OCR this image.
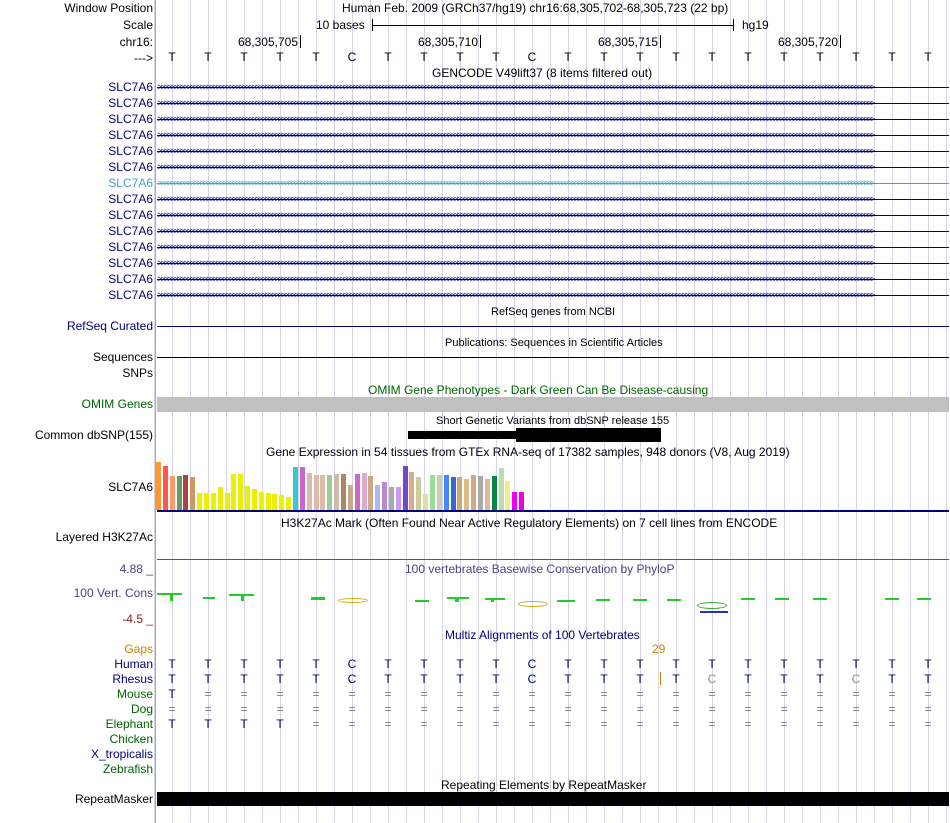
Window Position	Human Feb. 2009 (GRCh37/hg19) chr16:68,305,702-68,305,723 (22 bp)
Scale	10 bases	hg19
chr16:	68,305,705	68,305,710	68,305,715	68,305,720
--->	T	T	T	T	T	C	T	T	T	T	C	T	T	T	T	T	T	T	T	T	T	T
GENCODE V49lift37 (8 items filtered out)
SLC7A6 >>>>>>>>>>>>>>>>>>>>>>>>>>>>>>>>>>>>>>>>>>>>>>>>>>>>>>>>>>>>>>>>>>>>>>>>>>>>>>>>>>>>>>>>>>>>>>>>>>>>>>>>>>>>>>>>>>>>>>>>>>>>>>>>>>>>>>>>>>>>>>>>>>>>>>>>>>>>>>>>>>>>>>>>>>>>>>>>>>>>>>>>>>>>>>>>>>>>>>>>>>>>>>>>>>>>>>>>>>>>
SLC7A6 >>>>>>>>>>>>>>>>>>>>>>>>>>>>>>>>>>>>>>>>>>>>>>>>>>>>>>>>>>>>>>>>>>>>>>>>>>>>>>>>>>>>>>>>>>>>>>>>>>>>>>>>>>>>>>>>>>>>>>>>>>>>>>>>>>>>>>>>>>>>>>>>>>>>>>>>>>>>>>>>>>>>>>>>>>>>>>>>>>>>>>>>>>>>>>>>>>>>>>>>>>>>>>>>>>>>>>>>>>>>
SLC7A6 >>>>>>>>>>>>>>>>>>>>>>>>>>>>>>>>>>>>>>>>>>>>>>>>>>>>>>>>>>>>>>>>>>>>>>>>>>>>>>>>>>>>>>>>>>>>>>>>>>>>>>>>>>>>>>>>>>>>>>>>>>>>>>>>>>>>>>>>>>>>>>>>>>>>>>>>>>>>>>>>>>>>>>>>>>>>>>>>>>>>>>>>>>>>>>>>>>>>>>>>>>>>>>>>>>>>>>>>>>>>
SLC7A6 >>>>>>>>>>>>>>>>>>>>>>>>>>>>>>>>>>>>>>>>>>>>>>>>>>>>>>>>>>>>>>>>>>>>>>>>>>>>>>>>>>>>>>>>>>>>>>>>>>>>>>>>>>>>>>>>>>>>>>>>>>>>>>>>>>>>>>>>>>>>>>>>>>>>>>>>>>>>>>>>>>>>>>>>>>>>>>>>>>>>>>>>>>>>>>>>>>>>>>>>>>>>>>>>>>>>>>>>>>>>
SLC7A6 >>>>>>>>>>>>>>>>>>>>>>>>>>>>>>>>>>>>>>>>>>>>>>>>>>>>>>>>>>>>>>>>>>>>>>>>>>>>>>>>>>>>>>>>>>>>>>>>>>>>>>>>>>>>>>>>>>>>>>>>>>>>>>>>>>>>>>>>>>>>>>>>>>>>>>>>>>>>>>>>>>>>>>>>>>>>>>>>>>>>>>>>>>>>>>>>>>>>>>>>>>>>>>>>>>>>>>>>>>>>
SLC7A6 >>>>>>>>>>>>>>>>>>>>>>>>>>>>>>>>>>>>>>>>>>>>>>>>>>>>>>>>>>>>>>>>>>>>>>>>>>>>>>>>>>>>>>>>>>>>>>>>>>>>>>>>>>>>>>>>>>>>>>>>>>>>>>>>>>>>>>>>>>>>>>>>>>>>>>>>>>>>>>>>>>>>>>>>>>>>>>>>>>>>>>>>>>>>>>>>>>>>>>>>>>>>>>>>>>>>>>>>>>>>
SLC7A6 >>>>>>>>>>>>>>>>>>>>>>>>>>>>>>>>>>>>>>>>>>>>>>>>>>>>>>>>>>>>>>>>>>>>>>>>>>>>>>>>>>>>>>>>>>>>>>>>>>>>>>>>>>>>>>>>>>>>>>>>>>>>>>>>>>>>>>>>>>>>>>>>>>>>>>>>>>>>>>>>>>>>>>>>>>>>>>>>>>>>>>>>>>>>>>>>>>>>>>>>>>>>>>>>>>>>>>>>>>>>
SLC7A6 >>>>>>>>>>>>>>>>>>>>>>>>>>>>>>>>>>>>>>>>>>>>>>>>>>>>>>>>>>>>>>>>>>>>>>>>>>>>>>>>>>>>>>>>>>>>>>>>>>>>>>>>>>>>>>>>>>>>>>>>>>>>>>>>>>>>>>>>>>>>>>>>>>>>>>>>>>>>>>>>>>>>>>>>>>>>>>>>>>>>>>>>>>>>>>>>>>>>>>>>>>>>>>>>>>>>>>>>>>>>
SLC7A6 >>>>>>>>>>>>>>>>>>>>>>>>>>>>>>>>>>>>>>>>>>>>>>>>>>>>>>>>>>>>>>>>>>>>>>>>>>>>>>>>>>>>>>>>>>>>>>>>>>>>>>>>>>>>>>>>>>>>>>>>>>>>>>>>>>>>>>>>>>>>>>>>>>>>>>>>>>>>>>>>>>>>>>>>>>>>>>>>>>>>>>>>>>>>>>>>>>>>>>>>>>>>>>>>>>>>>>>>>>>>
SLC7A6 >>>>>>>>>>>>>>>>>>>>>>>>>>>>>>>>>>>>>>>>>>>>>>>>>>>>>>>>>>>>>>>>>>>>>>>>>>>>>>>>>>>>>>>>>>>>>>>>>>>>>>>>>>>>>>>>>>>>>>>>>>>>>>>>>>>>>>>>>>>>>>>>>>>>>>>>>>>>>>>>>>>>>>>>>>>>>>>>>>>>>>>>>>>>>>>>>>>>>>>>>>>>>>>>>>>>>>>>>>>>
SLC7A6 >>>>>>>>>>>>>>>>>>>>>>>>>>>>>>>>>>>>>>>>>>>>>>>>>>>>>>>>>>>>>>>>>>>>>>>>>>>>>>>>>>>>>>>>>>>>>>>>>>>>>>>>>>>>>>>>>>>>>>>>>>>>>>>>>>>>>>>>>>>>>>>>>>>>>>>>>>>>>>>>>>>>>>>>>>>>>>>>>>>>>>>>>>>>>>>>>>>>>>>>>>>>>>>>>>>>>>>>>>>>
SLC7A6 >>>>>>>>>>>>>>>>>>>>>>>>>>>>>>>>>>>>>>>>>>>>>>>>>>>>>>>>>>>>>>>>>>>>>>>>>>>>>>>>>>>>>>>>>>>>>>>>>>>>>>>>>>>>>>>>>>>>>>>>>>>>>>>>>>>>>>>>>>>>>>>>>>>>>>>>>>>>>>>>>>>>>>>>>>>>>>>>>>>>>>>>>>>>>>>>>>>>>>>>>>>>>>>>>>>>>>>>>>>>
SLC7A6 >>>>>>>>>>>>>>>>>>>>>>>>>>>>>>>>>>>>>>>>>>>>>>>>>>>>>>>>>>>>>>>>>>>>>>>>>>>>>>>>>>>>>>>>>>>>>>>>>>>>>>>>>>>>>>>>>>>>>>>>>>>>>>>>>>>>>>>>>>>>>>>>>>>>>>>>>>>>>>>>>>>>>>>>>>>>>>>>>>>>>>>>>>>>>>>>>>>>>>>>>>>>>>>>>>>>>>>>>>>>
SLC7A6 >>>>>>>>>>>>>>>>>>>>>>>>>>>>>>>>>>>>>>>>>>>>>>>>>>>>>>>>>>>>>>>>>>>>>>>>>>>>>>>>>>>>>>>>>>>>>>>>>>>>>>>>>>>>>>>>>>>>>>>>>>>>>>>>>>>>>>>>>>>>>>>>>>>>>>>>>>>>>>>>>>>>>>>>>>>>>>>>>>>>>>>>>>>>>>>>>>>>>>>>>>>>>>>>>>>>>>>>>>>>
RefSeq genes from NCBI
RefSeq Curated
Publications: Sequences in Scientific Articles
Sequences
SNPs
OMIM Gene Phenotypes - Dark Green Can Be Disease-causing
OMIM Genes
Short Genetic Variants from dbSNP release 155
Common dbSNP(155)
Gene Expression in 54 tissues from GTEx RNA-seq of 17382 samples, 948 donors (V8, Aug 2019)
SLC7A6
H3K27Ac Mark (Often Found Near Active Regulatory Elements) on 7 cell lines from ENCODE
Layered H3K27Ac
4.88 _	100 vertebrates Basewise Conservation by PhyloP
100 Vert. Cons
-4.5 _
Multiz Alignments of 100 Vertebrates
Gaps	29
Human	T	T	T	T	T	C	T	T	T	T	C	T	T	T	T	T	T	T	T	T	T	T
Rhesus	T	T	T	T	T	C	T	T	T	T	C	T	T	T	T	C	T	T	T	C	T	T
Mouse	T	=	=	=	=	=	=	=	=	=	=	=	=	=	=	=	=	=	=	=	=	=
Dog	=	=	=	=	=	=	=	=	=	=	=	=	=	=	=	=	=	=	=	=	=	=
Elephant	T	T	T	T	=	=	=	=	=	=	=	=	=	=	=	=	=	=	=	=	=	=
Chicken
X_tropicalis
Zebrafish
Repeating Elements by RepeatMasker
RepeatMasker
